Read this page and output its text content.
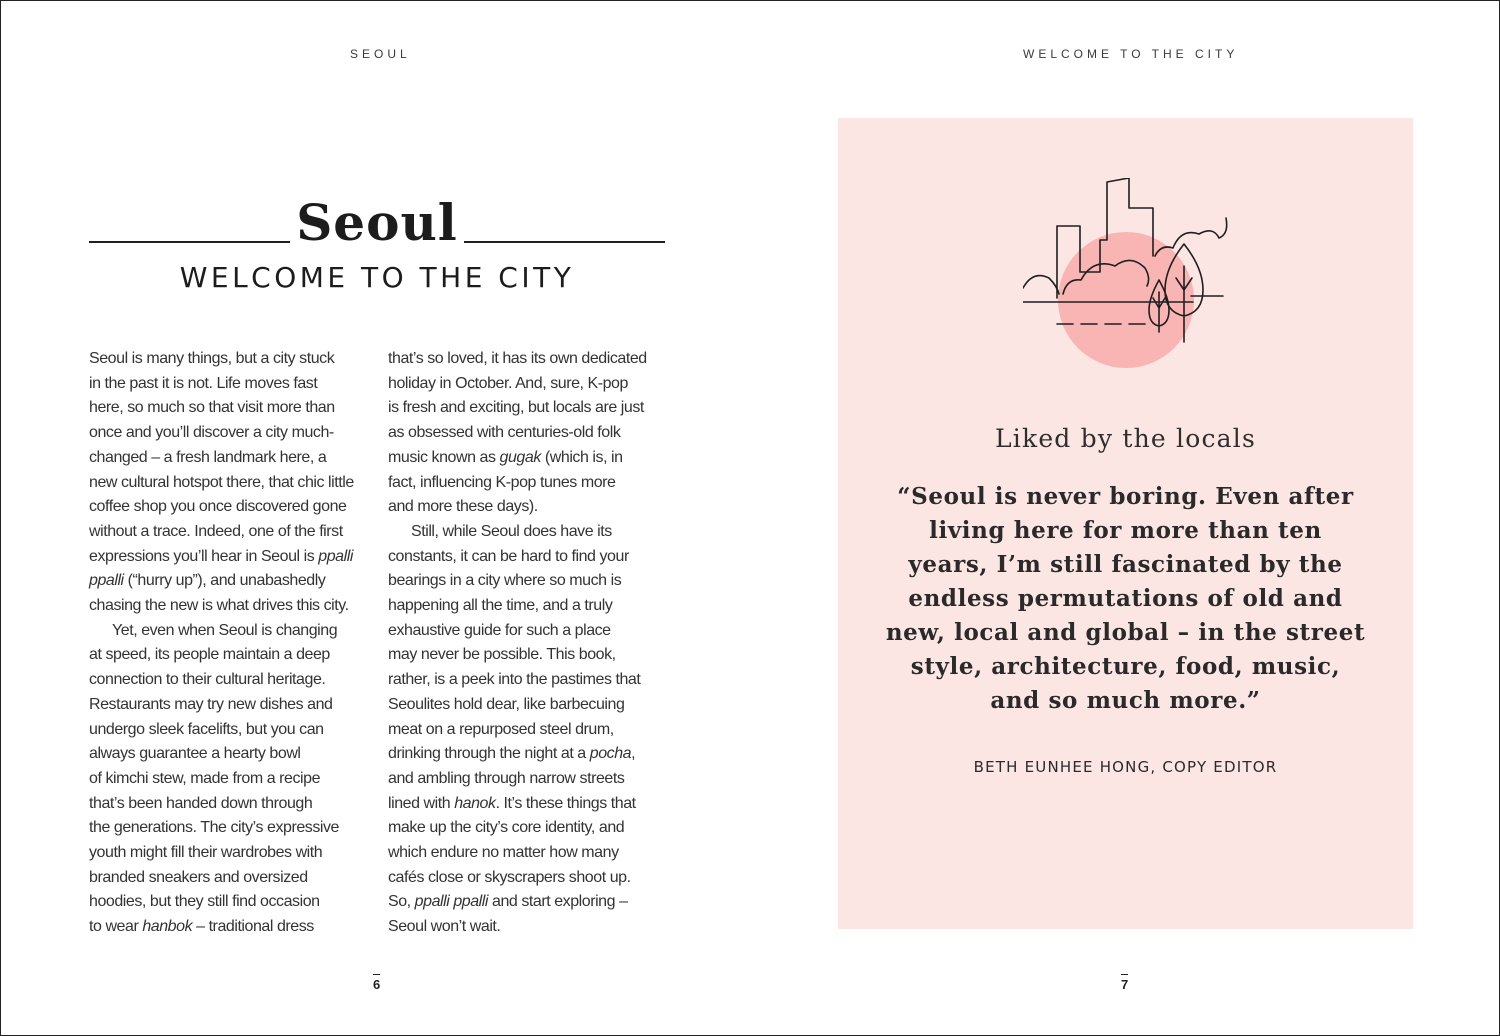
SEOUL	WELCOME TO THE CITY
Seoul
WELCOME TO THE CITY
Seoul is many things, but a city stuck
in the past it is not. Life moves fast
here, so much so that visit more than
once and you’ll discover a city much-
changed – a fresh landmark here, a
new cultural hotspot there, that chic little
coffee shop you once discovered gone
without a trace. Indeed, one of the first
expressions you’ll hear in Seoul is ppalli
ppalli (“hurry up”), and unabashedly
chasing the new is what drives this city.
Yet, even when Seoul is changing
at speed, its people maintain a deep
connection to their cultural heritage.
Restaurants may try new dishes and
undergo sleek facelifts, but you can
always guarantee a hearty bowl
of kimchi stew, made from a recipe
that’s been handed down through
the generations. The city’s expressive
youth might fill their wardrobes with
branded sneakers and oversized
hoodies, but they still find occasion
to wear hanbok – traditional dress
that’s so loved, it has its own dedicated
holiday in October. And, sure, K-pop
is fresh and exciting, but locals are just
as obsessed with centuries-old folk
music known as gugak (which is, in
fact, influencing K-pop tunes more
and more these days).
Still, while Seoul does have its
constants, it can be hard to find your
bearings in a city where so much is
happening all the time, and a truly
exhaustive guide for such a place
may never be possible. This book,
rather, is a peek into the pastimes that
Seoulites hold dear, like barbecuing
meat on a repurposed steel drum,
drinking through the night at a pocha,
and ambling through narrow streets
lined with hanok. It’s these things that
make up the city’s core identity, and
which endure no matter how many
cafés close or skyscrapers shoot up.
So, ppalli ppalli and start exploring –
Seoul won’t wait.
6	7
Liked by the locals
“Seoul is never boring. Even after
living here for more than ten
years, I’m still fascinated by the
endless permutations of old and
new, local and global – in the street
style, architecture, food, music,
and so much more.”
BETH EUNHEE HONG, COPY EDITOR
